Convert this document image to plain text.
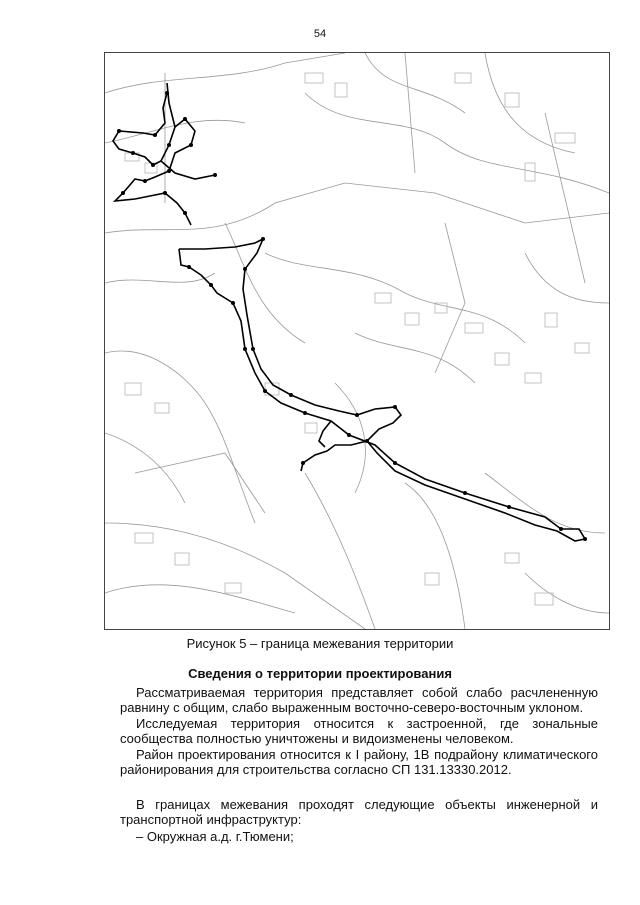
54
Рисунок 5 – граница межевания территории
Сведения о территории проектирования
Рассматриваемая территория представляет собой слабо расчлененную равнину с общим, слабо выраженным восточно-северо-восточным уклоном.
Исследуемая территория относится к застроенной, где зональные сообщества полностью уничтожены и видоизменены человеком.
Район проектирования относится к I району, 1В подрайону климатического районирования для строительства согласно СП 131.13330.2012.
В границах межевания проходят следующие объекты инженерной и транспортной инфраструктур:
– Окружная а.д. г.Тюмени;
